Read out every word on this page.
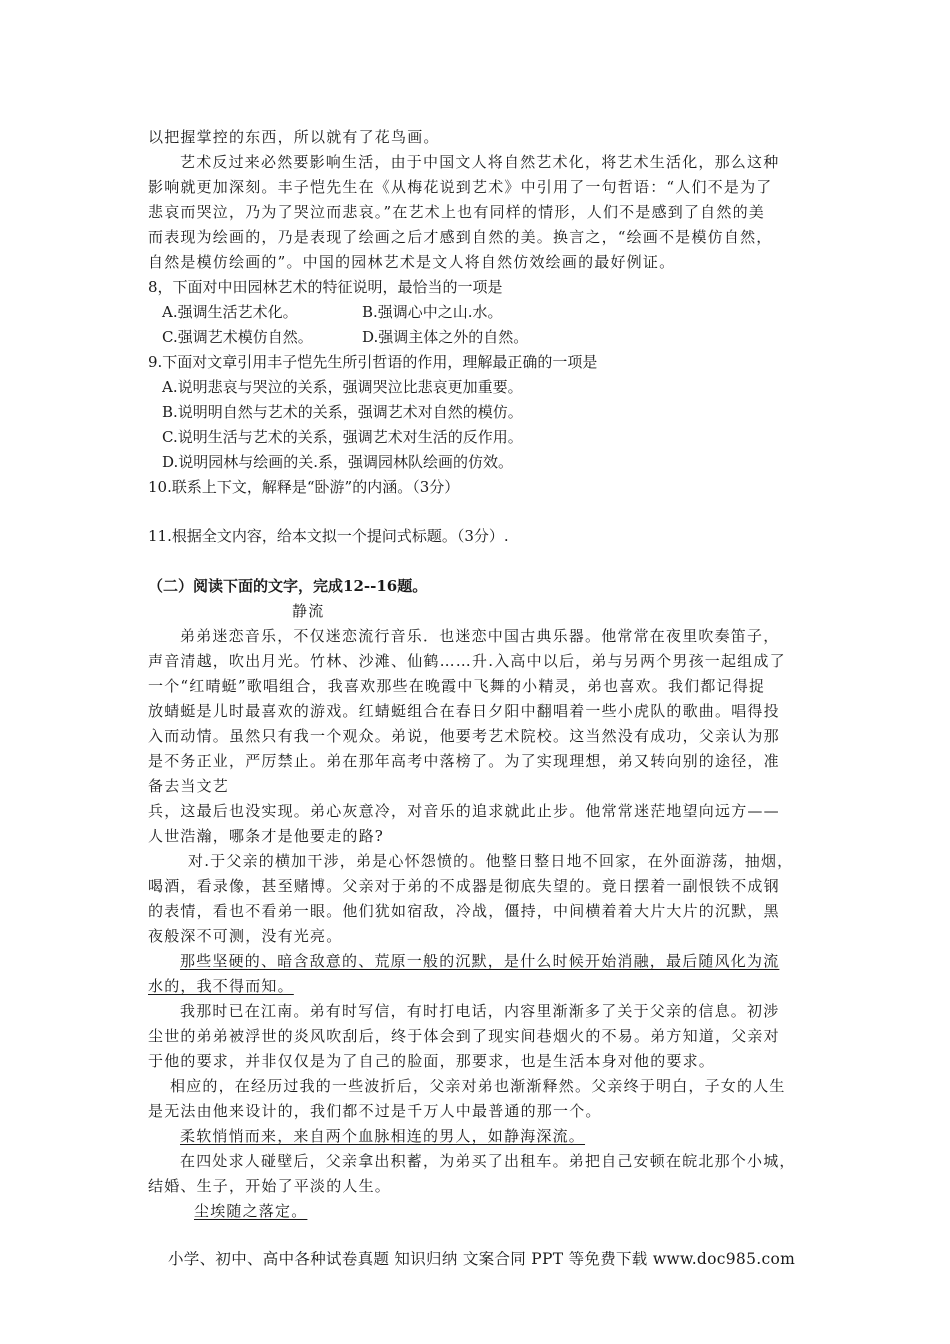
以把握掌控的东西，所以就有了花鸟画。
艺术反过来必然要影响生活，由于中国文人将自然艺术化，将艺术生活化，那么这种
影响就更加深刻。丰子恺先生在《从梅花说到艺术》中引用了一句哲语：“人们不是为了
悲哀而哭泣，乃为了哭泣而悲哀。”在艺术上也有同样的情形，人们不是感到了自然的美
而表现为绘画的，乃是表现了绘画之后才感到自然的美。换言之，“绘画不是模仿自然，
自然是模仿绘画的”。中国的园林艺术是文人将自然仿效绘画的最好例证。
8，下面对中田园林艺术的特征说明，最恰当的一项是
A.强调生活艺术化。	B.强调心中之山.水。
C.强调艺术模仿自然。	D.强调主体之外的自然。
9.下面对文章引用丰子恺先生所引哲语的作用，理解最正确的一项是
A.说明悲哀与哭泣的关系，强调哭泣比悲哀更加重要。
B.说明明自然与艺术的关系，强调艺术对自然的模仿。
C.说明生活与艺术的关系，强调艺术对生活的反作用。
D.说明园林与绘画的关.系，强调园林队绘画的仿效。
10.联系上下文，解释是“卧游”的内涵。（3分）
11.根据全文内容，给本文拟一个提问式标题。（3分）.
（二）阅读下面的文字，完成12--16题。
静流
弟弟迷恋音乐，不仅迷恋流行音乐．也迷恋中国古典乐器。他常常在夜里吹奏笛子，
声音清越，吹出月光。竹林、沙滩、仙鹤……升.入高中以后，弟与另两个男孩一起组成了
一个“红晴蜓”歌唱组合，我喜欢那些在晚霞中飞舞的小精灵，弟也喜欢。我们都记得捉
放蜻蜓是儿时最喜欢的游戏。红蜻蜓组合在春日夕阳中翻唱着一些小虎队的歌曲。唱得投
入而动情。虽然只有我一个观众。弟说，他要考艺术院校。这当然没有成功，父亲认为那
是不务正业，严厉禁止。弟在那年高考中落榜了。为了实现理想，弟又转向别的途径，准
备去当文艺
兵，这最后也没实现。弟心灰意冷，对音乐的追求就此止步。他常常迷茫地望向远方——
人世浩瀚，哪条才是他要走的路?
对.于父亲的横加干涉，弟是心怀怨愤的。他整日整日地不回家，在外面游荡，抽烟，
喝酒，看录像，甚至赌博。父亲对于弟的不成器是彻底失望的。竟日摆着一副恨铁不成钢
的表情，看也不看弟一眼。他们犹如宿敌，冷战，僵持，中间横着着大片大片的沉默，黑
夜般深不可测，没有光亮。
那些坚硬的、暗含敌意的、荒原一般的沉默，是什么时候开始消融，最后随风化为流
水的，我不得而知。
我那时已在江南。弟有时写信，有时打电话，内容里渐渐多了关于父亲的信息。初涉
尘世的弟弟被浮世的炎风吹刮后，终于体会到了现实间巷烟火的不易。弟方知道，父亲对
于他的要求，并非仅仅是为了自己的脸面，那要求，也是生活本身对他的要求。
相应的，在经历过我的一些波折后，父亲对弟也渐渐释然。父亲终于明白，子女的人生
是无法由他来设计的，我们都不过是千万人中最普通的那一个。
柔软悄悄而来，来自两个血脉相连的男人，如静海深流。
在四处求人碰壁后，父亲拿出积蓄，为弟买了出租车。弟把自己安顿在皖北那个小城，
结婚、生子，开始了平淡的人生。
尘埃随之落定。
小学、初中、高中各种试卷真题 知识归纳 文案合同 PPT 等免费下载 www.doc985.com
